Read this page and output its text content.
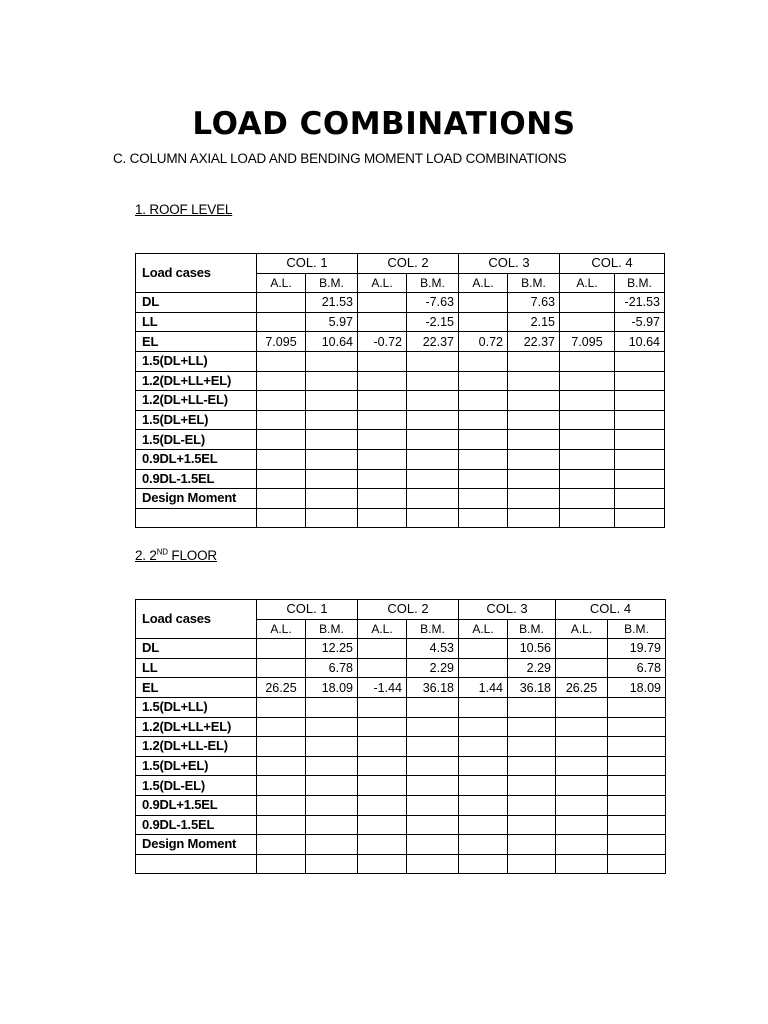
LOAD COMBINATIONS

C. COLUMN AXIAL LOAD AND BENDING MOMENT LOAD COMBINATIONS

1. ROOF LEVEL

Load cases	COL. 1		COL. 2		COL. 3		COL. 4	
	A.L.	B.M.	A.L.	B.M.	A.L.	B.M.	A.L.	B.M.
DL		21.53		-7.63		7.63		-21.53
LL		5.97		-2.15		2.15		-5.97
EL	7.095	10.64	-0.72	22.37	0.72	22.37	7.095	10.64
1.5(DL+LL)								
1.2(DL+LL+EL)								
1.2(DL+LL-EL)								
1.5(DL+EL)								
1.5(DL-EL)								
0.9DL+1.5EL								
0.9DL-1.5EL								
Design Moment								

2. 2ND FLOOR

Load cases	COL. 1		COL. 2		COL. 3		COL. 4	
	A.L.	B.M.	A.L.	B.M.	A.L.	B.M.	A.L.	B.M.
DL		12.25		4.53		10.56		19.79
LL		6.78		2.29		2.29		6.78
EL	26.25	18.09	-1.44	36.18	1.44	36.18	26.25	18.09
1.5(DL+LL)								
1.2(DL+LL+EL)								
1.2(DL+LL-EL)								
1.5(DL+EL)								
1.5(DL-EL)								
0.9DL+1.5EL								
0.9DL-1.5EL								
Design Moment								
